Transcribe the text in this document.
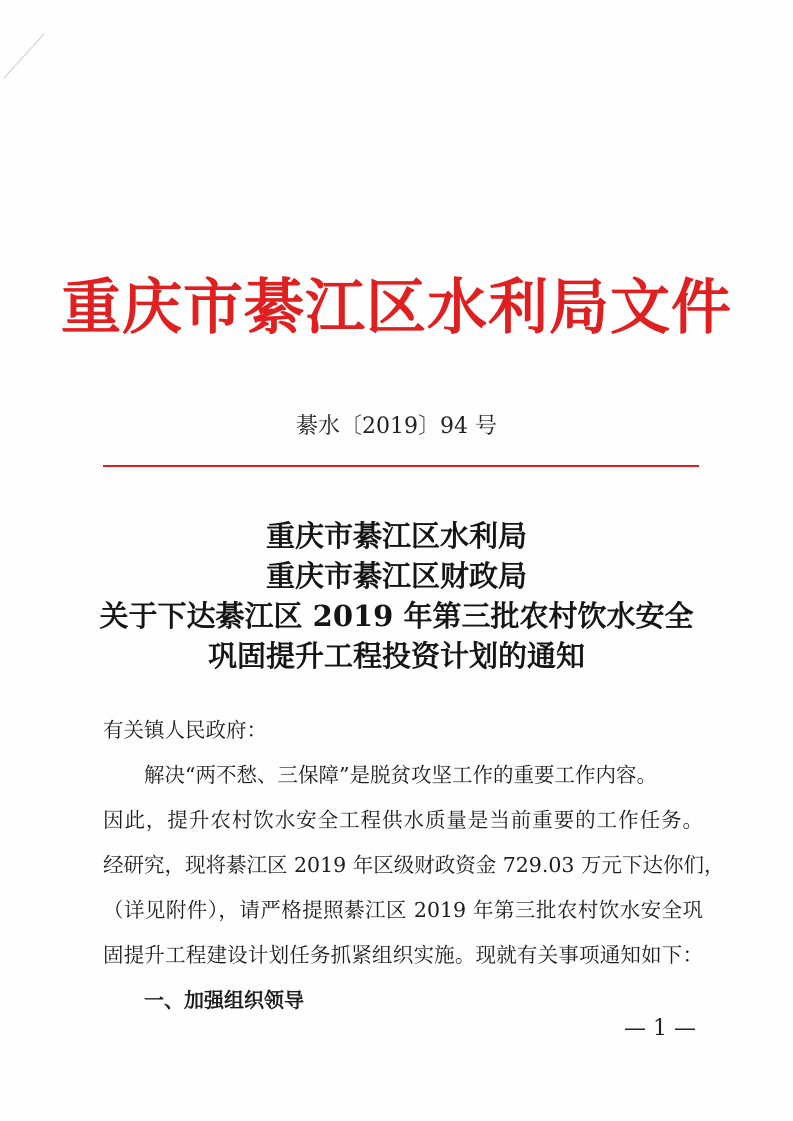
重庆市綦江区水利局文件
綦水〔2019〕94 号
重庆市綦江区水利局
重庆市綦江区财政局
关于下达綦江区 2019 年第三批农村饮水安全
巩固提升工程投资计划的通知
有关镇人民政府：
解决“两不愁、三保障”是脱贫攻坚工作的重要工作内容。
因此，提升农村饮水安全工程供水质量是当前重要的工作任务。
经研究，现将綦江区 2019 年区级财政资金 729.03 万元下达你们，
（详见附件），请严格提照綦江区 2019 年第三批农村饮水安全巩
固提升工程建设计划任务抓紧组织实施。现就有关事项通知如下：
一、加强组织领导
— 1 —
